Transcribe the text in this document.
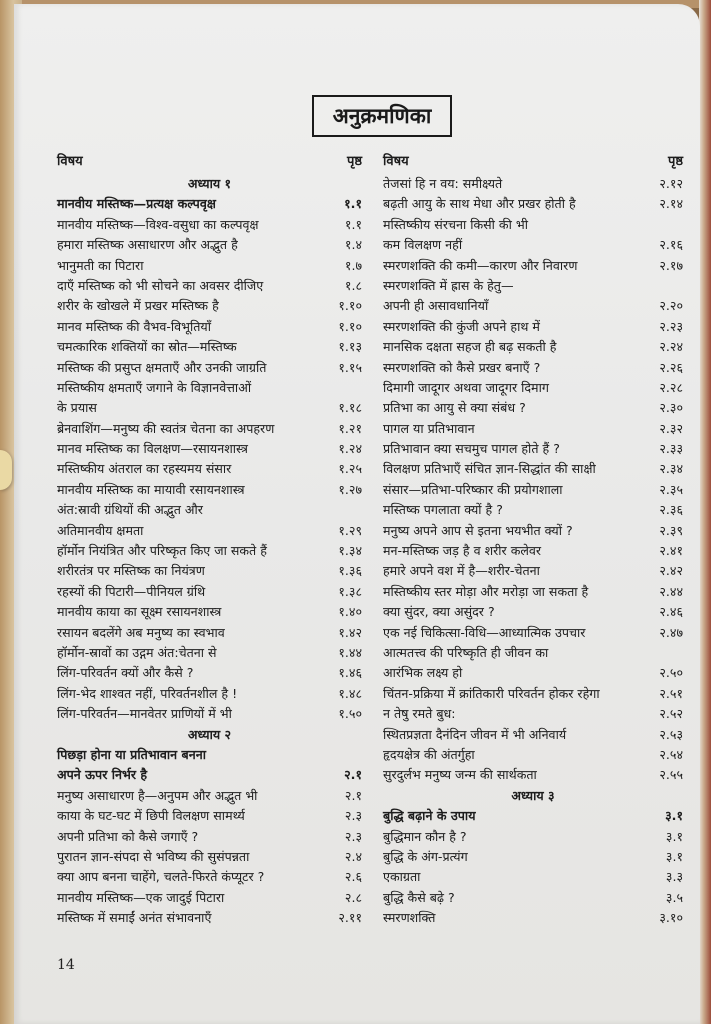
अनुक्रमणिका
विषय	पृष्ठ
अध्याय १
मानवीय मस्तिष्क—प्रत्यक्ष कल्पवृक्ष	१.१
मानवीय मस्तिष्क—विश्व-वसुधा का कल्पवृक्ष	१.१
हमारा मस्तिष्क असाधारण और अद्भुत है	१.४
भानुमती का पिटारा	१.७
दाएँ मस्तिष्क को भी सोचने का अवसर दीजिए	१.८
शरीर के खोखले में प्रखर मस्तिष्क है	१.१०
मानव मस्तिष्क की वैभव-विभूतियाँ	१.१०
चमत्कारिक शक्तियों का स्रोत—मस्तिष्क	१.१३
मस्तिष्क की प्रसुप्त क्षमताएँ और उनकी जाग्रति	१.१५
मस्तिष्कीय क्षमताएँ जगाने के विज्ञानवेत्ताओं
के प्रयास	१.१८
ब्रेनवाशिंग—मनुष्य की स्वतंत्र चेतना का अपहरण	१.२१
मानव मस्तिष्क का विलक्षण—रसायनशास्त्र	१.२४
मस्तिष्कीय अंतराल का रहस्यमय संसार	१.२५
मानवीय मस्तिष्क का मायावी रसायनशास्त्र	१.२७
अंत:स्रावी ग्रंथियों की अद्भुत और
अतिमानवीय क्षमता	१.२९
हॉर्मोन नियंत्रित और परिष्कृत किए जा सकते हैं	१.३४
शरीरतंत्र पर मस्तिष्क का नियंत्रण	१.३६
रहस्यों की पिटारी—पीनियल ग्रंथि	१.३८
मानवीय काया का सूक्ष्म रसायनशास्त्र	१.४०
रसायन बदलेंगे अब मनुष्य का स्वभाव	१.४२
हॉर्मोन-स्रावों का उद्गम अंत:चेतना से	१.४४
लिंग-परिवर्तन क्यों और कैसे ?	१.४६
लिंग-भेद शाश्वत नहीं, परिवर्तनशील है !	१.४८
लिंग-परिवर्तन—मानवेतर प्राणियों में भी	१.५०
अध्याय २
पिछड़ा होना या प्रतिभावान बनना
अपने ऊपर निर्भर है	२.१
मनुष्य असाधारण है—अनुपम और अद्भुत भी	२.१
काया के घट-घट में छिपी विलक्षण सामर्थ्य	२.३
अपनी प्रतिभा को कैसे जगाएँ ?	२.३
पुरातन ज्ञान-संपदा से भविष्य की सुसंपन्नता	२.४
क्या आप बनना चाहेंगे, चलते-फिरते कंप्यूटर ?	२.६
मानवीय मस्तिष्क—एक जादुई पिटारा	२.८
मस्तिष्क में समाईं अनंत संभावनाएँ	२.११
विषय	पृष्ठ
तेजसां हि न वय: समीक्ष्यते	२.१२
बढ़ती आयु के साथ मेधा और प्रखर होती है	२.१४
मस्तिष्कीय संरचना किसी की भी
कम विलक्षण नहीं	२.१६
स्मरणशक्ति की कमी—कारण और निवारण	२.१७
स्मरणशक्ति में ह्रास के हेतु—
अपनी ही असावधानियाँ	२.२०
स्मरणशक्ति की कुंजी अपने हाथ में	२.२३
मानसिक दक्षता सहज ही बढ़ सकती है	२.२४
स्मरणशक्ति को कैसे प्रखर बनाएँ ?	२.२६
दिमागी जादूगर अथवा जादूगर दिमाग	२.२८
प्रतिभा का आयु से क्या संबंध ?	२.३०
पागल या प्रतिभावान	२.३२
प्रतिभावान क्या सचमुच पागल होते हैं ?	२.३३
विलक्षण प्रतिभाएँ संचित ज्ञान-सिद्धांत की साक्षी	२.३४
संसार—प्रतिभा-परिष्कार की प्रयोगशाला	२.३५
मस्तिष्क पगलाता क्यों है ?	२.३६
मनुष्य अपने आप से इतना भयभीत क्यों ?	२.३९
मन-मस्तिष्क जड़ है व शरीर कलेवर	२.४१
हमारे अपने वश में है—शरीर-चेतना	२.४२
मस्तिष्कीय स्तर मोड़ा और मरोड़ा जा सकता है	२.४४
क्या सुंदर, क्या असुंदर ?	२.४६
एक नई चिकित्सा-विधि—आध्यात्मिक उपचार	२.४७
आत्मतत्त्व की परिष्कृति ही जीवन का
आरंभिक लक्ष्य हो	२.५०
चिंतन-प्रक्रिया में क्रांतिकारी परिवर्तन होकर रहेगा	२.५१
न तेषु रमते बुध:	२.५२
स्थितप्रज्ञता दैनंदिन जीवन में भी अनिवार्य	२.५३
हृदयक्षेत्र की अंतर्गुहा	२.५४
सुरदुर्लभ मनुष्य जन्म की सार्थकता	२.५५
अध्याय ३
बुद्धि बढ़ाने के उपाय	३.१
बुद्धिमान कौन है ?	३.१
बुद्धि के अंग-प्रत्यंग	३.१
एकाग्रता	३.३
बुद्धि कैसे बढ़े ?	३.५
स्मरणशक्ति	३.१०
14
